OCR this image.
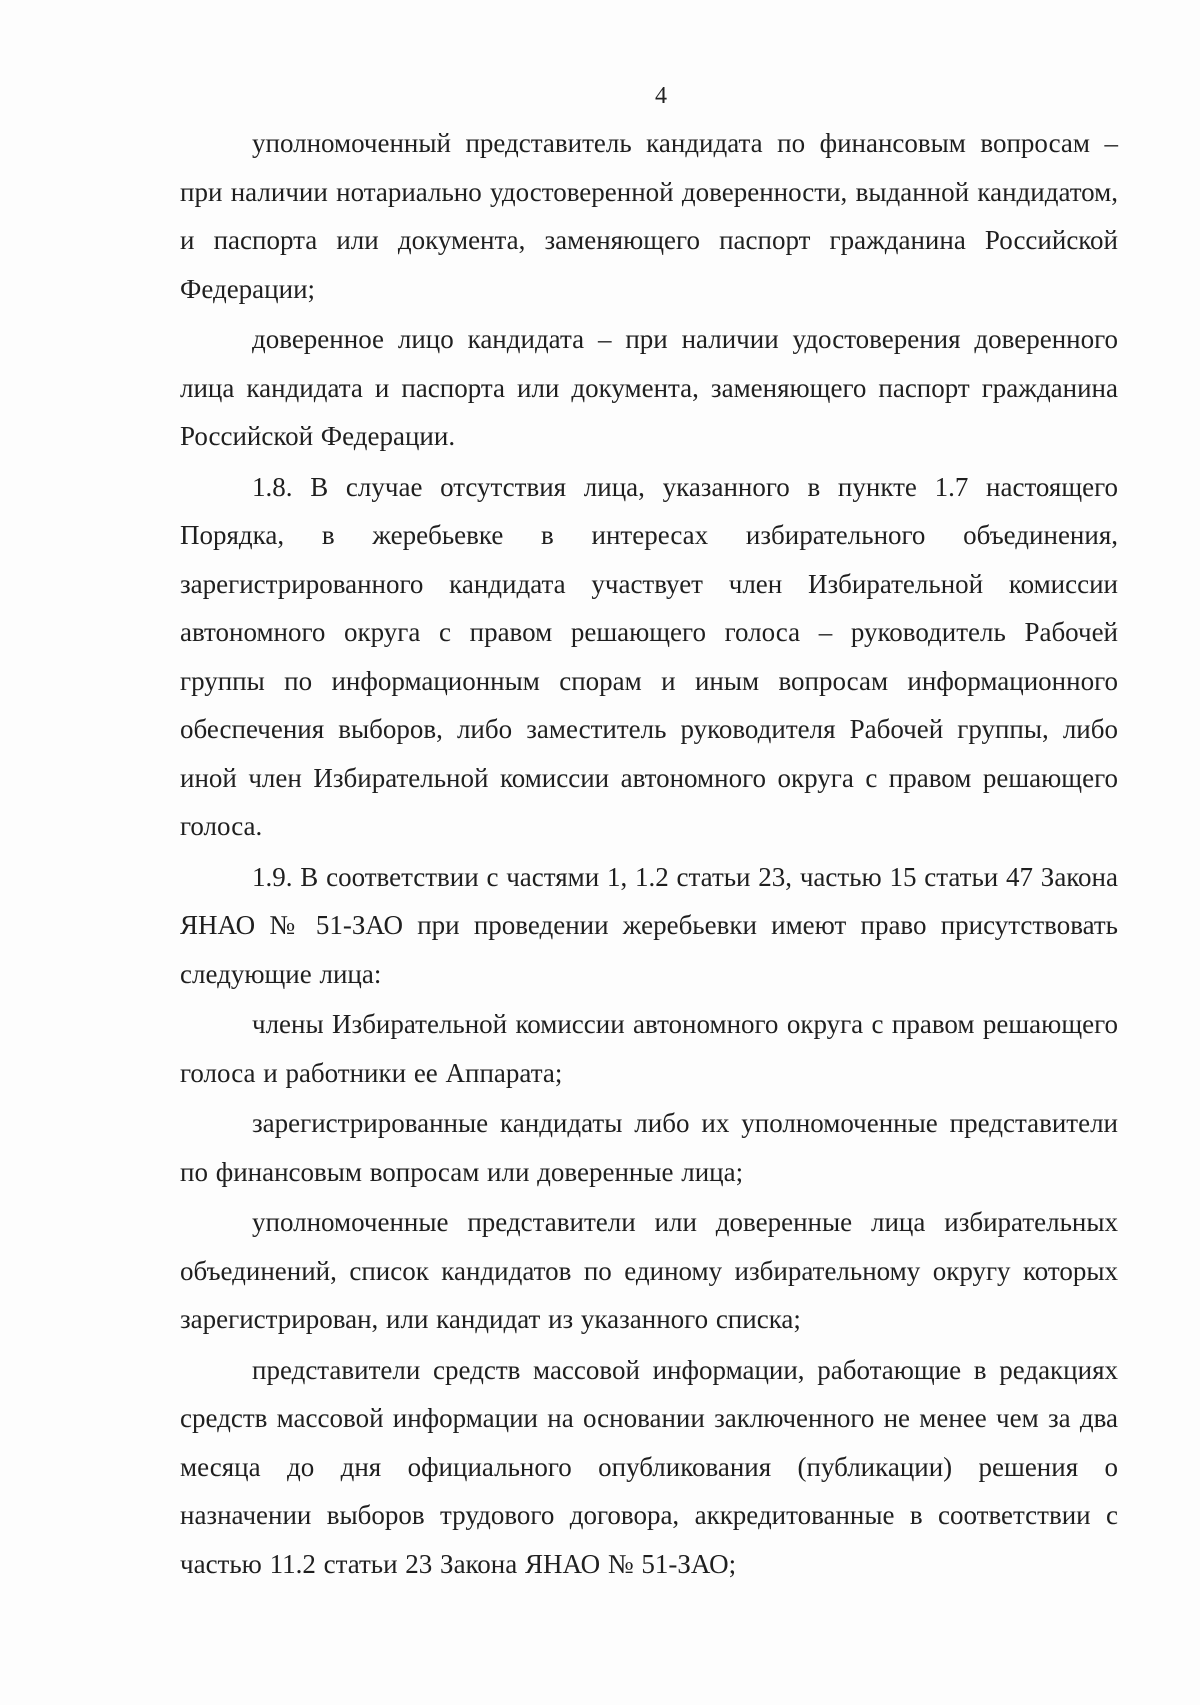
4

уполномоченный представитель кандидата по финансовым вопросам – при наличии нотариально удостоверенной доверенности, выданной кандидатом, и паспорта или документа, заменяющего паспорт гражданина Российской Федерации;

доверенное лицо кандидата – при наличии удостоверения доверенного лица кандидата и паспорта или документа, заменяющего паспорт гражданина Российской Федерации.

1.8. В случае отсутствия лица, указанного в пункте 1.7 настоящего Порядка, в жеребьевке в интересах избирательного объединения, зарегистрированного кандидата участвует член Избирательной комиссии автономного округа с правом решающего голоса – руководитель Рабочей группы по информационным спорам и иным вопросам информационного обеспечения выборов, либо заместитель руководителя Рабочей группы, либо иной член Избирательной комиссии автономного округа с правом решающего голоса.

1.9. В соответствии с частями 1, 1.2 статьи 23, частью 15 статьи 47 Закона ЯНАО № 51-ЗАО при проведении жеребьевки имеют право присутствовать следующие лица:

члены Избирательной комиссии автономного округа с правом решающего голоса и работники ее Аппарата;

зарегистрированные кандидаты либо их уполномоченные представители по финансовым вопросам или доверенные лица;

уполномоченные представители или доверенные лица избирательных объединений, список кандидатов по единому избирательному округу которых зарегистрирован, или кандидат из указанного списка;

представители средств массовой информации, работающие в редакциях средств массовой информации на основании заключенного не менее чем за два месяца до дня официального опубликования (публикации) решения о назначении выборов трудового договора, аккредитованные в соответствии с частью 11.2 статьи 23 Закона ЯНАО № 51-ЗАО;
